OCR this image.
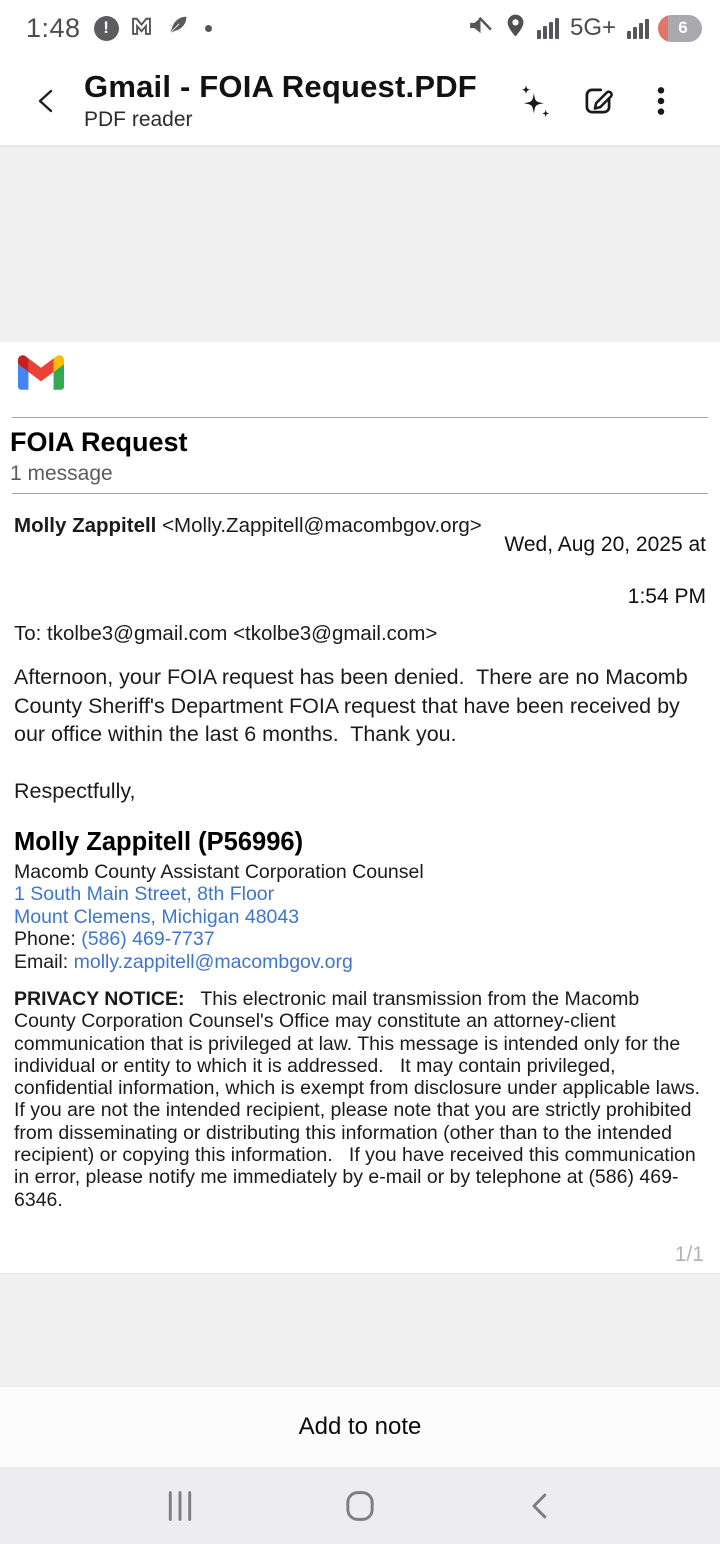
1:48	!	5G+	6
Gmail - FOIA Request.PDF
PDF reader
FOIA Request
1 message
Molly Zappitell <Molly.Zappitell@macombgov.org>

Wed, Aug 20, 2025 at

1:54 PM

To: tkolbe3@gmail.com <tkolbe3@gmail.com>
Afternoon, your FOIA request has been denied.  There are no Macomb County Sheriff's Department FOIA request that have been received by our office within the last 6 months.  Thank you.
Respectfully,
Molly Zappitell (P56996)
Macomb County Assistant Corporation Counsel
1 South Main Street, 8th Floor
Mount Clemens, Michigan 48043
Phone: (586) 469-7737
Email: molly.zappitell@macombgov.org
PRIVACY NOTICE:   This electronic mail transmission from the Macomb County Corporation Counsel's Office may constitute an attorney-client communication that is privileged at law. This message is intended only for the individual or entity to which it is addressed.   It may contain privileged, confidential information, which is exempt from disclosure under applicable laws.   If you are not the intended recipient, please note that you are strictly prohibited from disseminating or distributing this information (other than to the intended recipient) or copying this information.   If you have received this communication in error, please notify me immediately by e-mail or by telephone at (586) 469-6346.
1/1
Add to note
